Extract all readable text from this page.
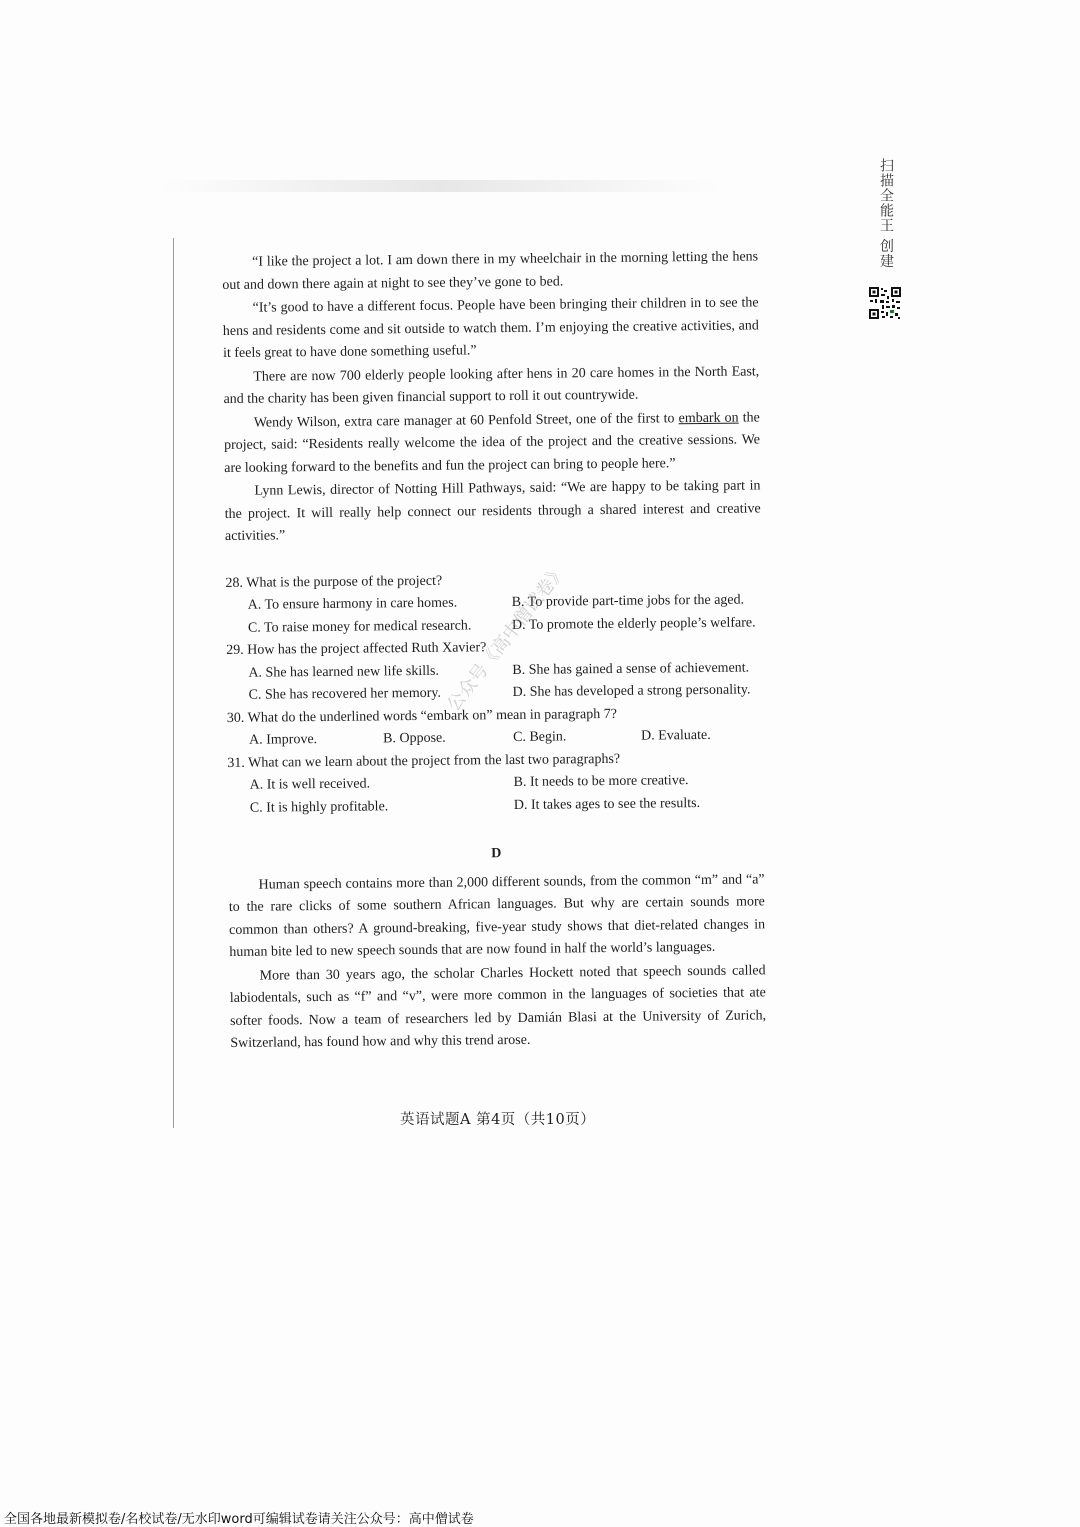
扫描全能王 创建

“I like the project a lot. I am down there in my wheelchair in the morning letting the hens out and down there again at night to see they’ve gone to bed.

“It’s good to have a different focus. People have been bringing their children in to see the hens and residents come and sit outside to watch them. I’m enjoying the creative activities, and it feels great to have done something useful.”

There are now 700 elderly people looking after hens in 20 care homes in the North East, and the charity has been given financial support to roll it out countrywide.

Wendy Wilson, extra care manager at 60 Penfold Street, one of the first to embark on the project, said: “Residents really welcome the idea of the project and the creative sessions. We are looking forward to the benefits and fun the project can bring to people here.”

Lynn Lewis, director of Notting Hill Pathways, said: “We are happy to be taking part in the project. It will really help connect our residents through a shared interest and creative activities.”

28. What is the purpose of the project?

A. To ensure harmony in care homes.	B. To provide part-time jobs for the aged.

C. To raise money for medical research.	D. To promote the elderly people’s welfare.

29. How has the project affected Ruth Xavier?

A. She has learned new life skills.	B. She has gained a sense of achievement.

C. She has recovered her memory.	D. She has developed a strong personality.

30. What do the underlined words “embark on” mean in paragraph 7?

A. Improve.	B. Oppose.	C. Begin.	D. Evaluate.

31. What can we learn about the project from the last two paragraphs?

A. It is well received.	B. It needs to be more creative.

C. It is highly profitable.	D. It takes ages to see the results.

D

Human speech contains more than 2,000 different sounds, from the common “m” and “a” to the rare clicks of some southern African languages. But why are certain sounds more common than others? A ground-breaking, five-year study shows that diet-related changes in human bite led to new speech sounds that are now found in half the world’s languages.

More than 30 years ago, the scholar Charles Hockett noted that speech sounds called labiodentals, such as “f” and “v”, were more common in the languages of societies that ate softer foods. Now a team of researchers led by Damián Blasi at the University of Zurich, Switzerland, has found how and why this trend arose.

公众号《高中僧试卷》
英语试题A 第4页（共10页）
全国各地最新模拟卷/名校试卷/无水印word可编辑试卷请关注公众号：高中僧试卷
